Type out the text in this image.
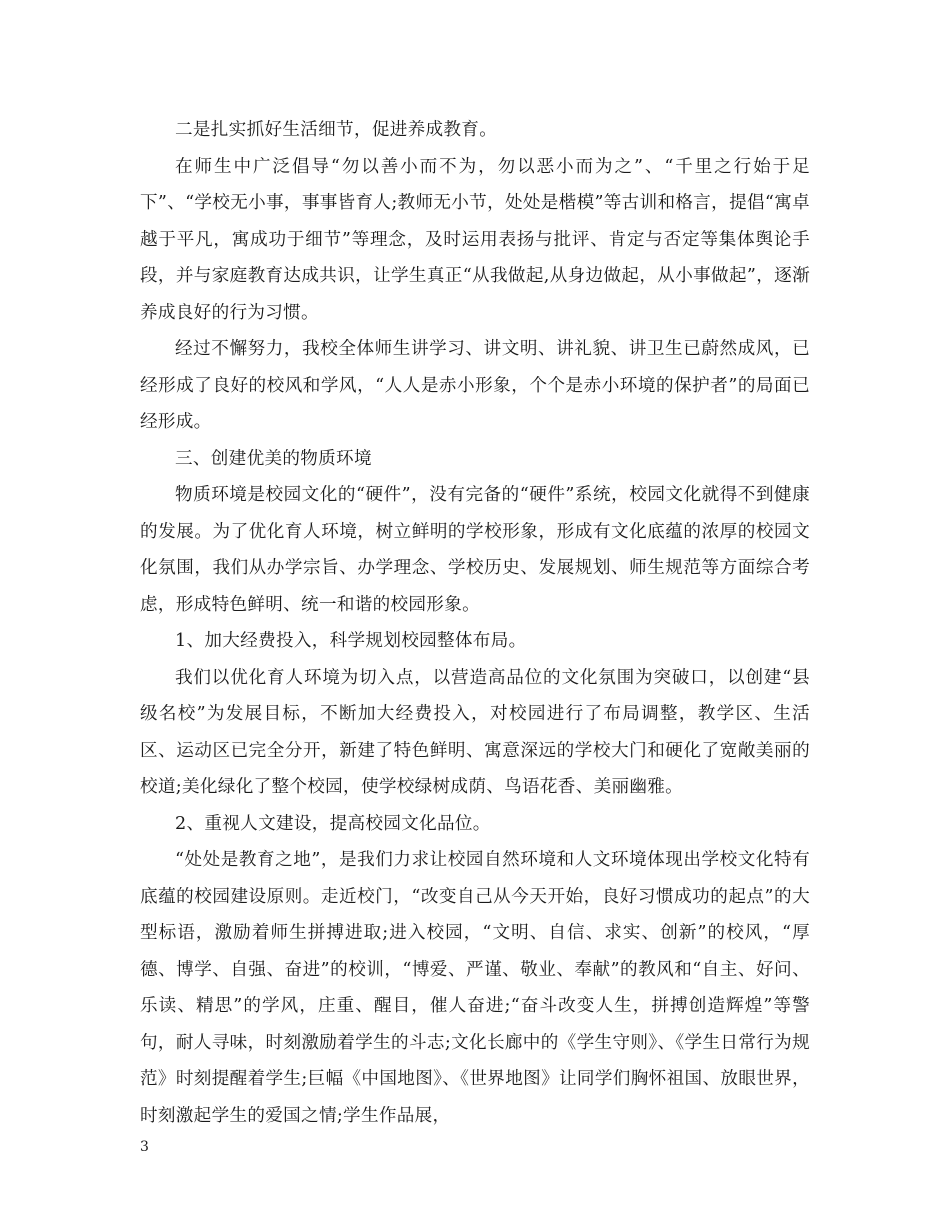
二是扎实抓好生活细节，促进养成教育。

在师生中广泛倡导“勿以善小而不为，勿以恶小而为之”、“千里之行始于足下”、“学校无小事，事事皆育人;教师无小节，处处是楷模”等古训和格言，提倡“寓卓越于平凡，寓成功于细节”等理念，及时运用表扬与批评、肯定与否定等集体舆论手段，并与家庭教育达成共识，让学生真正“从我做起,从身边做起，从小事做起”，逐渐养成良好的行为习惯。

经过不懈努力，我校全体师生讲学习、讲文明、讲礼貌、讲卫生已蔚然成风，已经形成了良好的校风和学风，“人人是赤小形象，个个是赤小环境的保护者”的局面已经形成。

三、创建优美的物质环境

物质环境是校园文化的“硬件”，没有完备的“硬件”系统，校园文化就得不到健康的发展。为了优化育人环境，树立鲜明的学校形象，形成有文化底蕴的浓厚的校园文化氛围，我们从办学宗旨、办学理念、学校历史、发展规划、师生规范等方面综合考虑，形成特色鲜明、统一和谐的校园形象。

1、加大经费投入，科学规划校园整体布局。

我们以优化育人环境为切入点，以营造高品位的文化氛围为突破口，以创建“县级名校”为发展目标，不断加大经费投入，对校园进行了布局调整，教学区、生活区、运动区已完全分开，新建了特色鲜明、寓意深远的学校大门和硬化了宽敞美丽的校道;美化绿化了整个校园，使学校绿树成荫、鸟语花香、美丽幽雅。

2、重视人文建设，提高校园文化品位。

“处处是教育之地”，是我们力求让校园自然环境和人文环境体现出学校文化特有底蕴的校园建设原则。走近校门，“改变自己从今天开始，良好习惯成功的起点”的大型标语，激励着师生拼搏进取;进入校园，“文明、自信、求实、创新”的校风，“厚德、博学、自强、奋进”的校训，“博爱、严谨、敬业、奉献”的教风和“自主、好问、乐读、精思”的学风，庄重、醒目，催人奋进;“奋斗改变人生，拼搏创造辉煌”等警句，耐人寻味，时刻激励着学生的斗志;文化长廊中的《学生守则》、《学生日常行为规范》时刻提醒着学生;巨幅《中国地图》、《世界地图》让同学们胸怀祖国、放眼世界，时刻激起学生的爱国之情;学生作品展，

3
